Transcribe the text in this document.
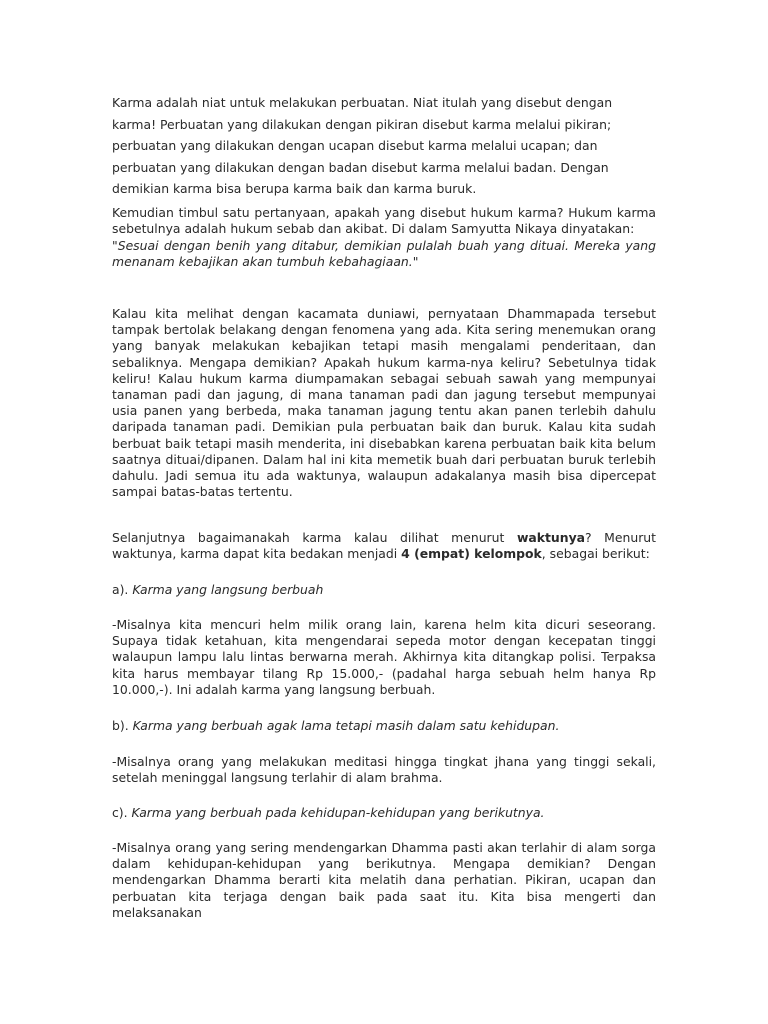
Karma adalah niat untuk melakukan perbuatan. Niat itulah yang disebut dengan karma! Perbuatan yang dilakukan dengan pikiran disebut karma melalui pikiran; perbuatan yang dilakukan dengan ucapan disebut karma melalui ucapan; dan perbuatan yang dilakukan dengan badan disebut karma melalui badan. Dengan demikian karma bisa berupa karma baik dan karma buruk.

Kemudian timbul satu pertanyaan, apakah yang disebut hukum karma? Hukum karma sebetulnya adalah hukum sebab dan akibat. Di dalam Samyutta Nikaya dinyatakan:

"Sesuai dengan benih yang ditabur, demikian pulalah buah yang dituai. Mereka yang menanam kebajikan akan tumbuh kebahagiaan."

Kalau kita melihat dengan kacamata duniawi, pernyataan Dhammapada tersebut tampak bertolak belakang dengan fenomena yang ada. Kita sering menemukan orang yang banyak melakukan kebajikan tetapi masih mengalami penderitaan, dan sebaliknya. Mengapa demikian? Apakah hukum karma-nya keliru? Sebetulnya tidak keliru! Kalau hukum karma diumpamakan sebagai sebuah sawah yang mempunyai tanaman padi dan jagung, di mana tanaman padi dan jagung tersebut mempunyai usia panen yang berbeda, maka tanaman jagung tentu akan panen terlebih dahulu daripada tanaman padi. Demikian pula perbuatan baik dan buruk. Kalau kita sudah berbuat baik tetapi masih menderita, ini disebabkan karena perbuatan baik kita belum saatnya dituai/dipanen. Dalam hal ini kita memetik buah dari perbuatan buruk terlebih dahulu. Jadi semua itu ada waktunya, walaupun adakalanya masih bisa dipercepat sampai batas-batas tertentu.

Selanjutnya bagaimanakah karma kalau dilihat menurut waktunya? Menurut waktunya, karma dapat kita bedakan menjadi 4 (empat) kelompok, sebagai berikut:

a). Karma yang langsung berbuah

-Misalnya kita mencuri helm milik orang lain, karena helm kita dicuri seseorang. Supaya tidak ketahuan, kita mengendarai sepeda motor dengan kecepatan tinggi walaupun lampu lalu lintas berwarna merah. Akhirnya kita ditangkap polisi. Terpaksa kita harus membayar tilang Rp 15.000,- (padahal harga sebuah helm hanya Rp 10.000,-). Ini adalah karma yang langsung berbuah.

b). Karma yang berbuah agak lama tetapi masih dalam satu kehidupan.

-Misalnya orang yang melakukan meditasi hingga tingkat jhana yang tinggi sekali, setelah meninggal langsung terlahir di alam brahma.

c). Karma yang berbuah pada kehidupan-kehidupan yang berikutnya.

-Misalnya orang yang sering mendengarkan Dhamma pasti akan terlahir di alam sorga dalam kehidupan-kehidupan yang berikutnya. Mengapa demikian? Dengan mendengarkan Dhamma berarti kita melatih dana perhatian. Pikiran, ucapan dan perbuatan kita terjaga dengan baik pada saat itu. Kita bisa mengerti dan melaksanakan
